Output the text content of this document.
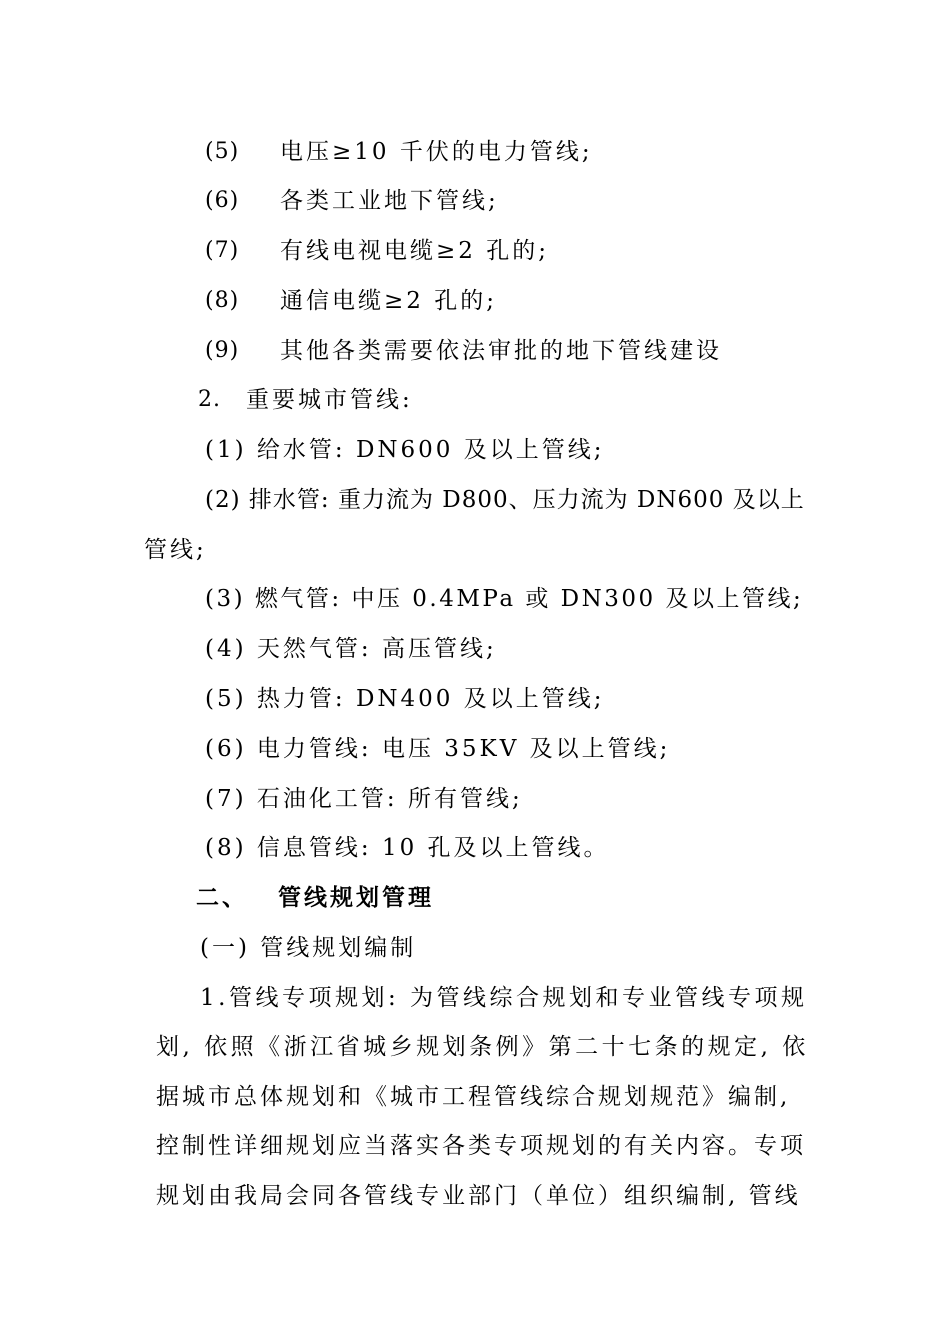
(5) 电压≥10 千伏的电力管线;
(6) 各类工业地下管线;
(7) 有线电视电缆≥2 孔的;
(8) 通信电缆≥2 孔的;
(9) 其他各类需要依法审批的地下管线建设
2. 重要城市管线:
(1) 给水管: DN600 及以上管线;
(2) 排水管: 重力流为 D800、压力流为 DN600 及以上
管线;
(3) 燃气管: 中压 0.4MPa 或 DN300 及以上管线;
(4) 天然气管: 高压管线;
(5) 热力管: DN400 及以上管线;
(6) 电力管线: 电压 35KV 及以上管线;
(7) 石油化工管: 所有管线;
(8) 信息管线: 10 孔及以上管线。
二、 管线规划管理
(一) 管线规划编制
1.管线专项规划: 为管线综合规划和专业管线专项规
划, 依照《浙江省城乡规划条例》第二十七条的规定, 依
据城市总体规划和《城市工程管线综合规划规范》编制,
控制性详细规划应当落实各类专项规划的有关内容。专项
规划由我局会同各管线专业部门（单位）组织编制, 管线
